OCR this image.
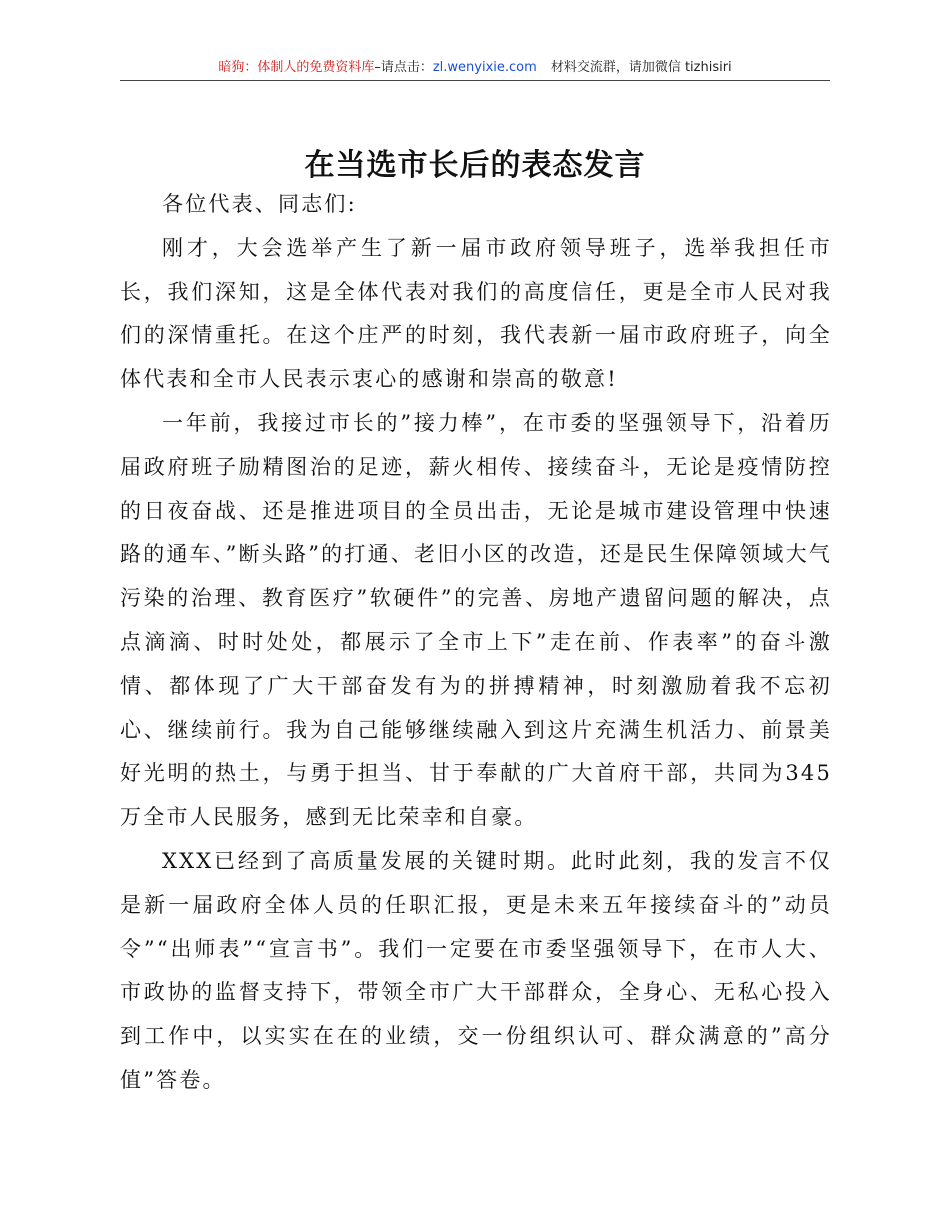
暗狗：体制人的免费资料库–请点击：zl.wenyixie.com 材料交流群，请加微信 tizhisiri
在当选市长后的表态发言

各位代表、同志们:

刚才，大会选举产生了新一届市政府领导班子，选举我担任市长，我们深知，这是全体代表对我们的高度信任，更是全市人民对我们的深情重托。在这个庄严的时刻，我代表新一届市政府班子，向全体代表和全市人民表示衷心的感谢和崇高的敬意!

一年前，我接过市长的”接力棒”，在市委的坚强领导下，沿着历届政府班子励精图治的足迹，薪火相传、接续奋斗，无论是疫情防控的日夜奋战、还是推进项目的全员出击，无论是城市建设管理中快速路的通车、”断头路”的打通、老旧小区的改造，还是民生保障领域大气污染的治理、教育医疗”软硬件”的完善、房地产遗留问题的解决，点点滴滴、时时处处，都展示了全市上下”走在前、作表率”的奋斗激情、都体现了广大干部奋发有为的拼搏精神，时刻激励着我不忘初心、继续前行。我为自己能够继续融入到这片充满生机活力、前景美好光明的热土，与勇于担当、甘于奉献的广大首府干部，共同为345万全市人民服务，感到无比荣幸和自豪。

XXX已经到了高质量发展的关键时期。此时此刻，我的发言不仅是新一届政府全体人员的任职汇报，更是未来五年接续奋斗的”动员令”“出师表”“宣言书”。我们一定要在市委坚强领导下，在市人大、市政协的监督支持下，带领全市广大干部群众，全身心、无私心投入到工作中，以实实在在的业绩，交一份组织认可、群众满意的”高分值”答卷。
